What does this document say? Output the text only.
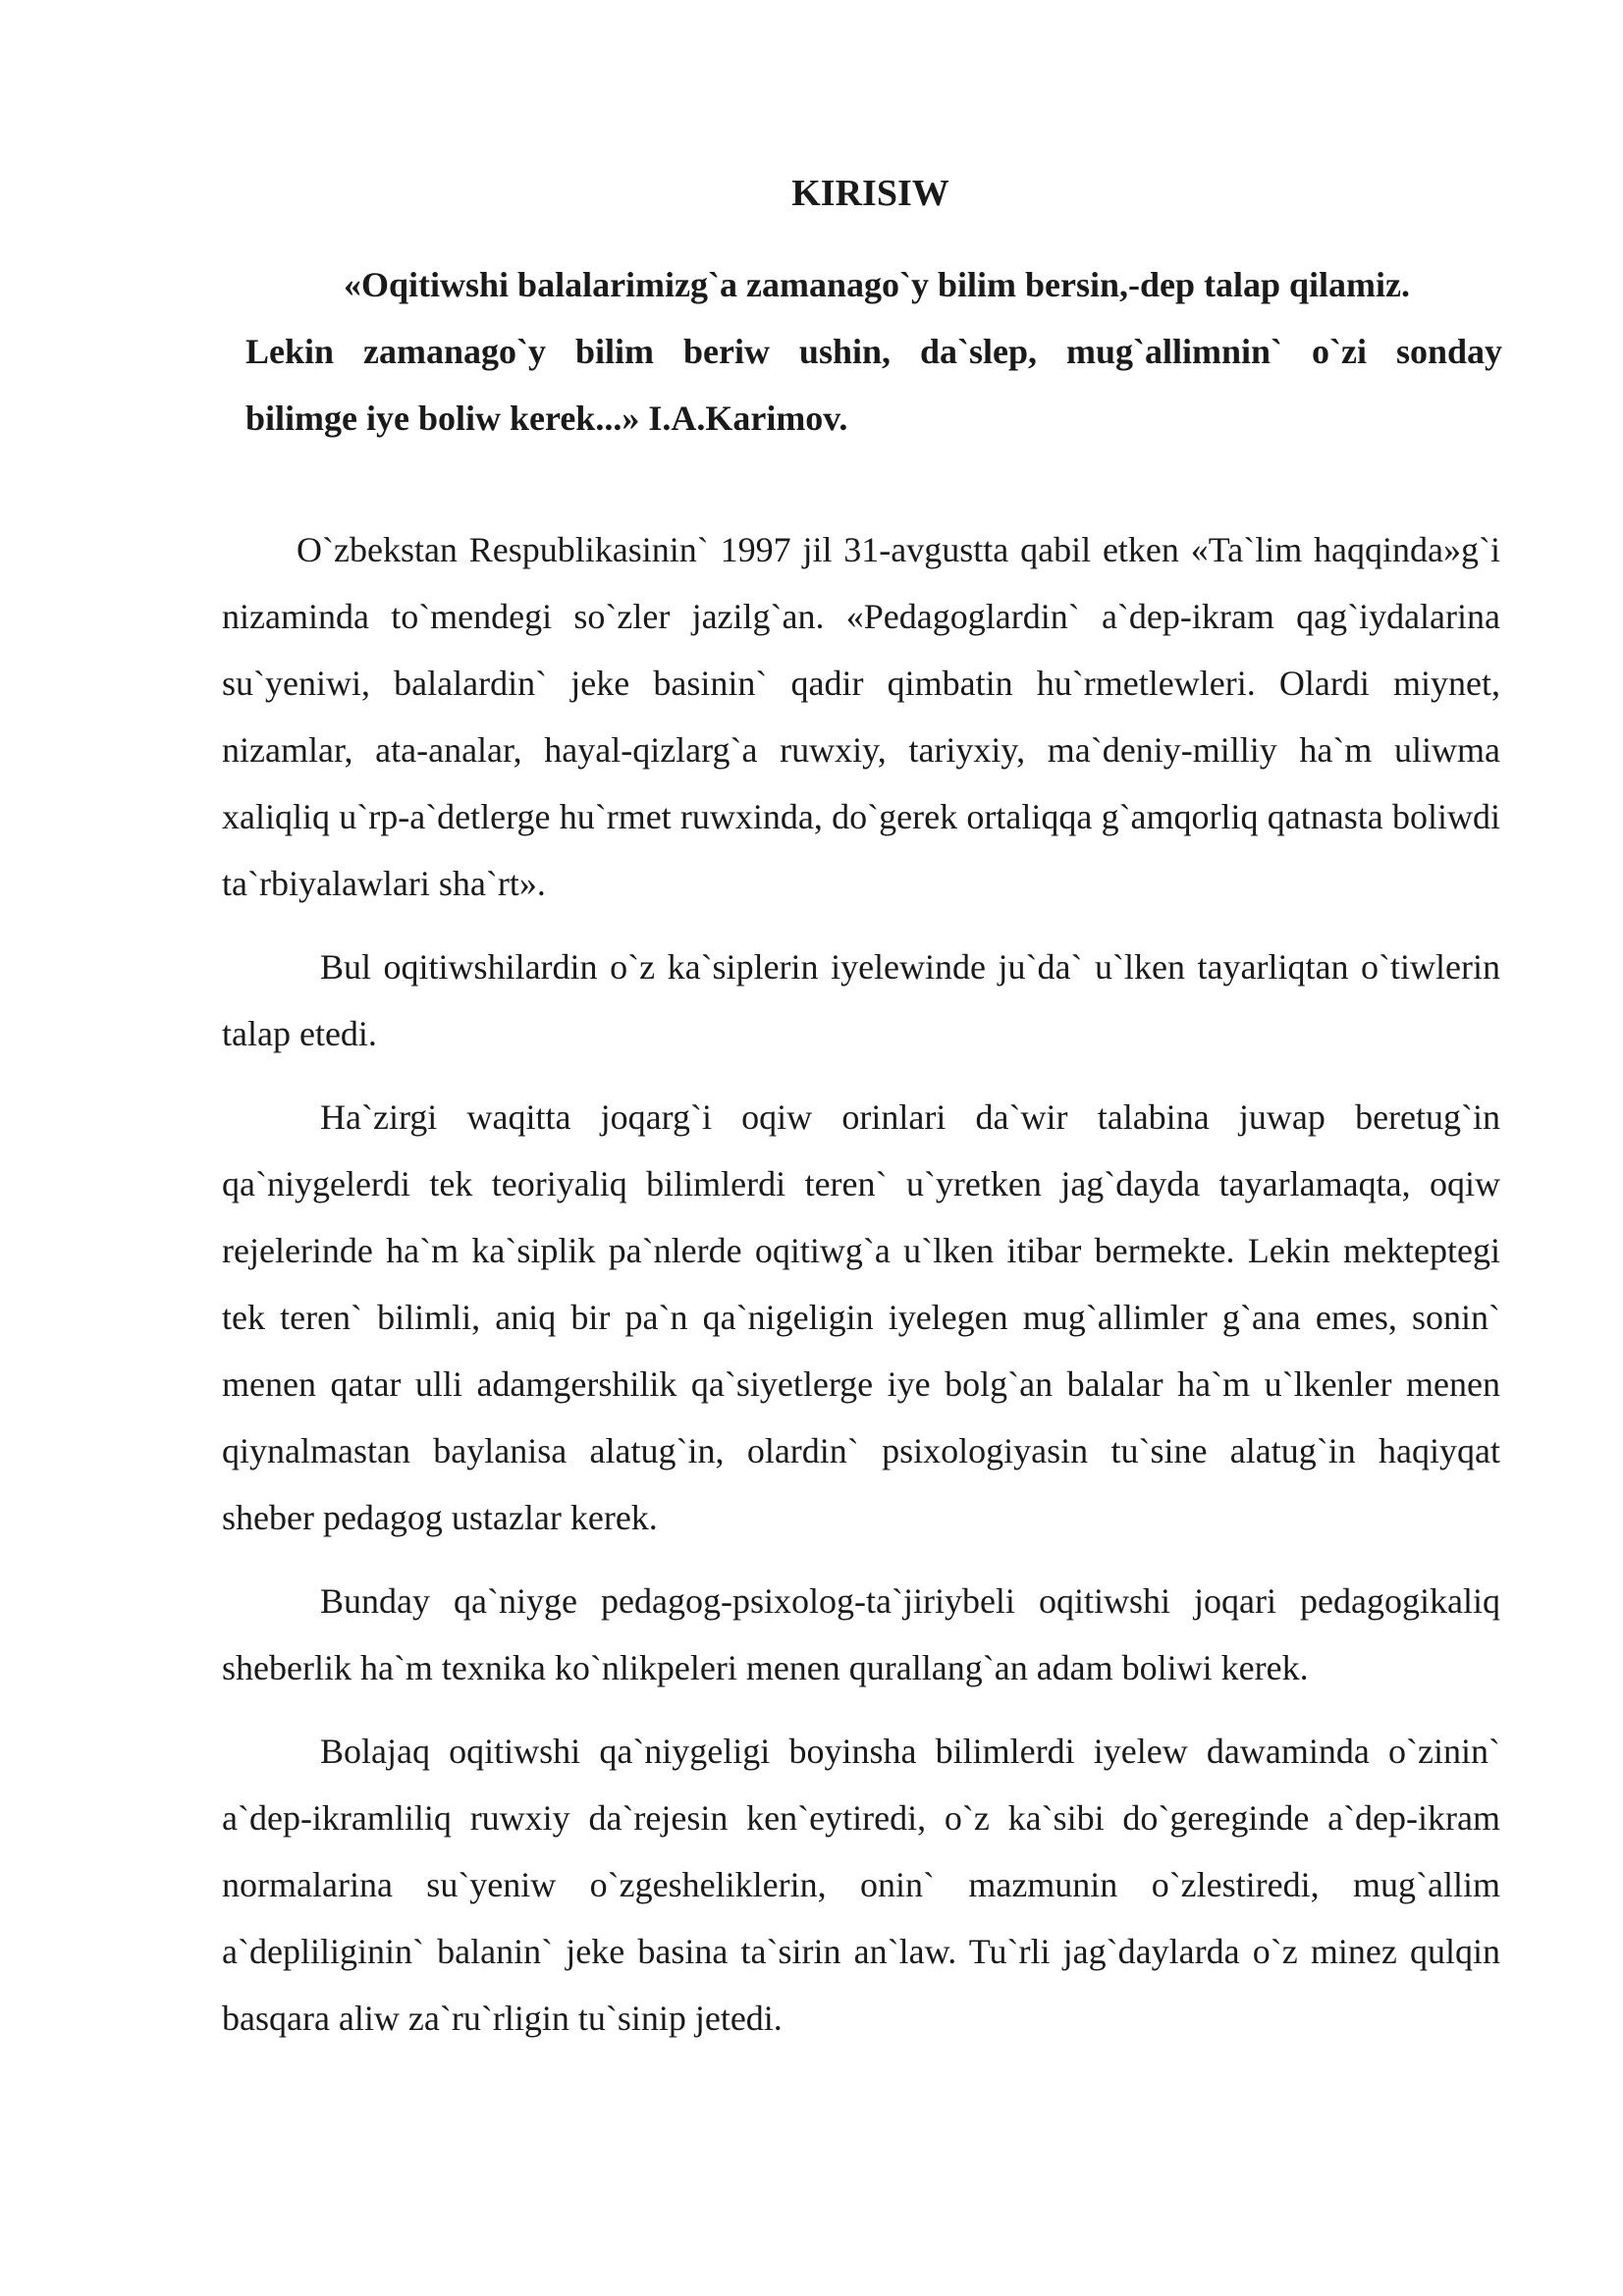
KIRISIW
«Oqitiwshi balalarimizg`a zamanago`y bilim bersin,-dep talap qilamiz.
Lekin zamanago`y bilim beriw ushin, da`slep, mug`allimnin` o`zi sonday
bilimge iye boliw kerek...» I.A.Karimov.

O`zbekstan Respublikasinin` 1997 jil 31-avgustta qabil etken «Ta`lim haqqinda»g`i nizaminda to`mendegi so`zler jazilg`an. «Pedagoglardin` a`dep-ikram qag`iydalarina su`yeniwi, balalardin` jeke basinin` qadir qimbatin hu`rmetlewleri. Olardi miynet, nizamlar, ata-analar, hayal-qizlarg`a ruwxiy, tariyxiy, ma`deniy-milliy ha`m uliwma xaliqliq u`rp-a`detlerge hu`rmet ruwxinda, do`gerek ortaliqqa g`amqorliq qatnasta boliwdi ta`rbiyalawlari sha`rt».

Bul oqitiwshilardin o`z ka`siplerin iyelewinde ju`da` u`lken tayarliqtan o`tiwlerin talap etedi.

Ha`zirgi waqitta joqarg`i oqiw orinlari da`wir talabina juwap beretug`in qa`niygelerdi tek teoriyaliq bilimlerdi teren` u`yretken jag`dayda tayarlamaqta, oqiw rejelerinde ha`m ka`siplik pa`nlerde oqitiwg`a u`lken itibar bermekte. Lekin mekteptegi tek teren` bilimli, aniq bir pa`n qa`nigeligin iyelegen mug`allimler g`ana emes, sonin` menen qatar ulli adamgershilik qa`siyetlerge iye bolg`an balalar ha`m u`lkenler menen qiynalmastan baylanisa alatug`in, olardin` psixologiyasin tu`sine alatug`in haqiyqat sheber pedagog ustazlar kerek.

Bunday qa`niyge pedagog-psixolog-ta`jiriybeli oqitiwshi joqari pedagogikaliq sheberlik ha`m texnika ko`nlikpeleri menen qurallang`an adam boliwi kerek.

Bolajaq oqitiwshi qa`niygeligi boyinsha bilimlerdi iyelew dawaminda o`zinin` a`dep-ikramliliq ruwxiy da`rejesin ken`eytiredi, o`z ka`sibi do`gereginde a`dep-ikram normalarina su`yeniw o`zgesheliklerin, onin` mazmunin o`zlestiredi, mug`allim a`depliliginin` balanin` jeke basina ta`sirin an`law. Tu`rli jag`daylarda o`z minez qulqin basqara aliw za`ru`rligin tu`sinip jetedi.
